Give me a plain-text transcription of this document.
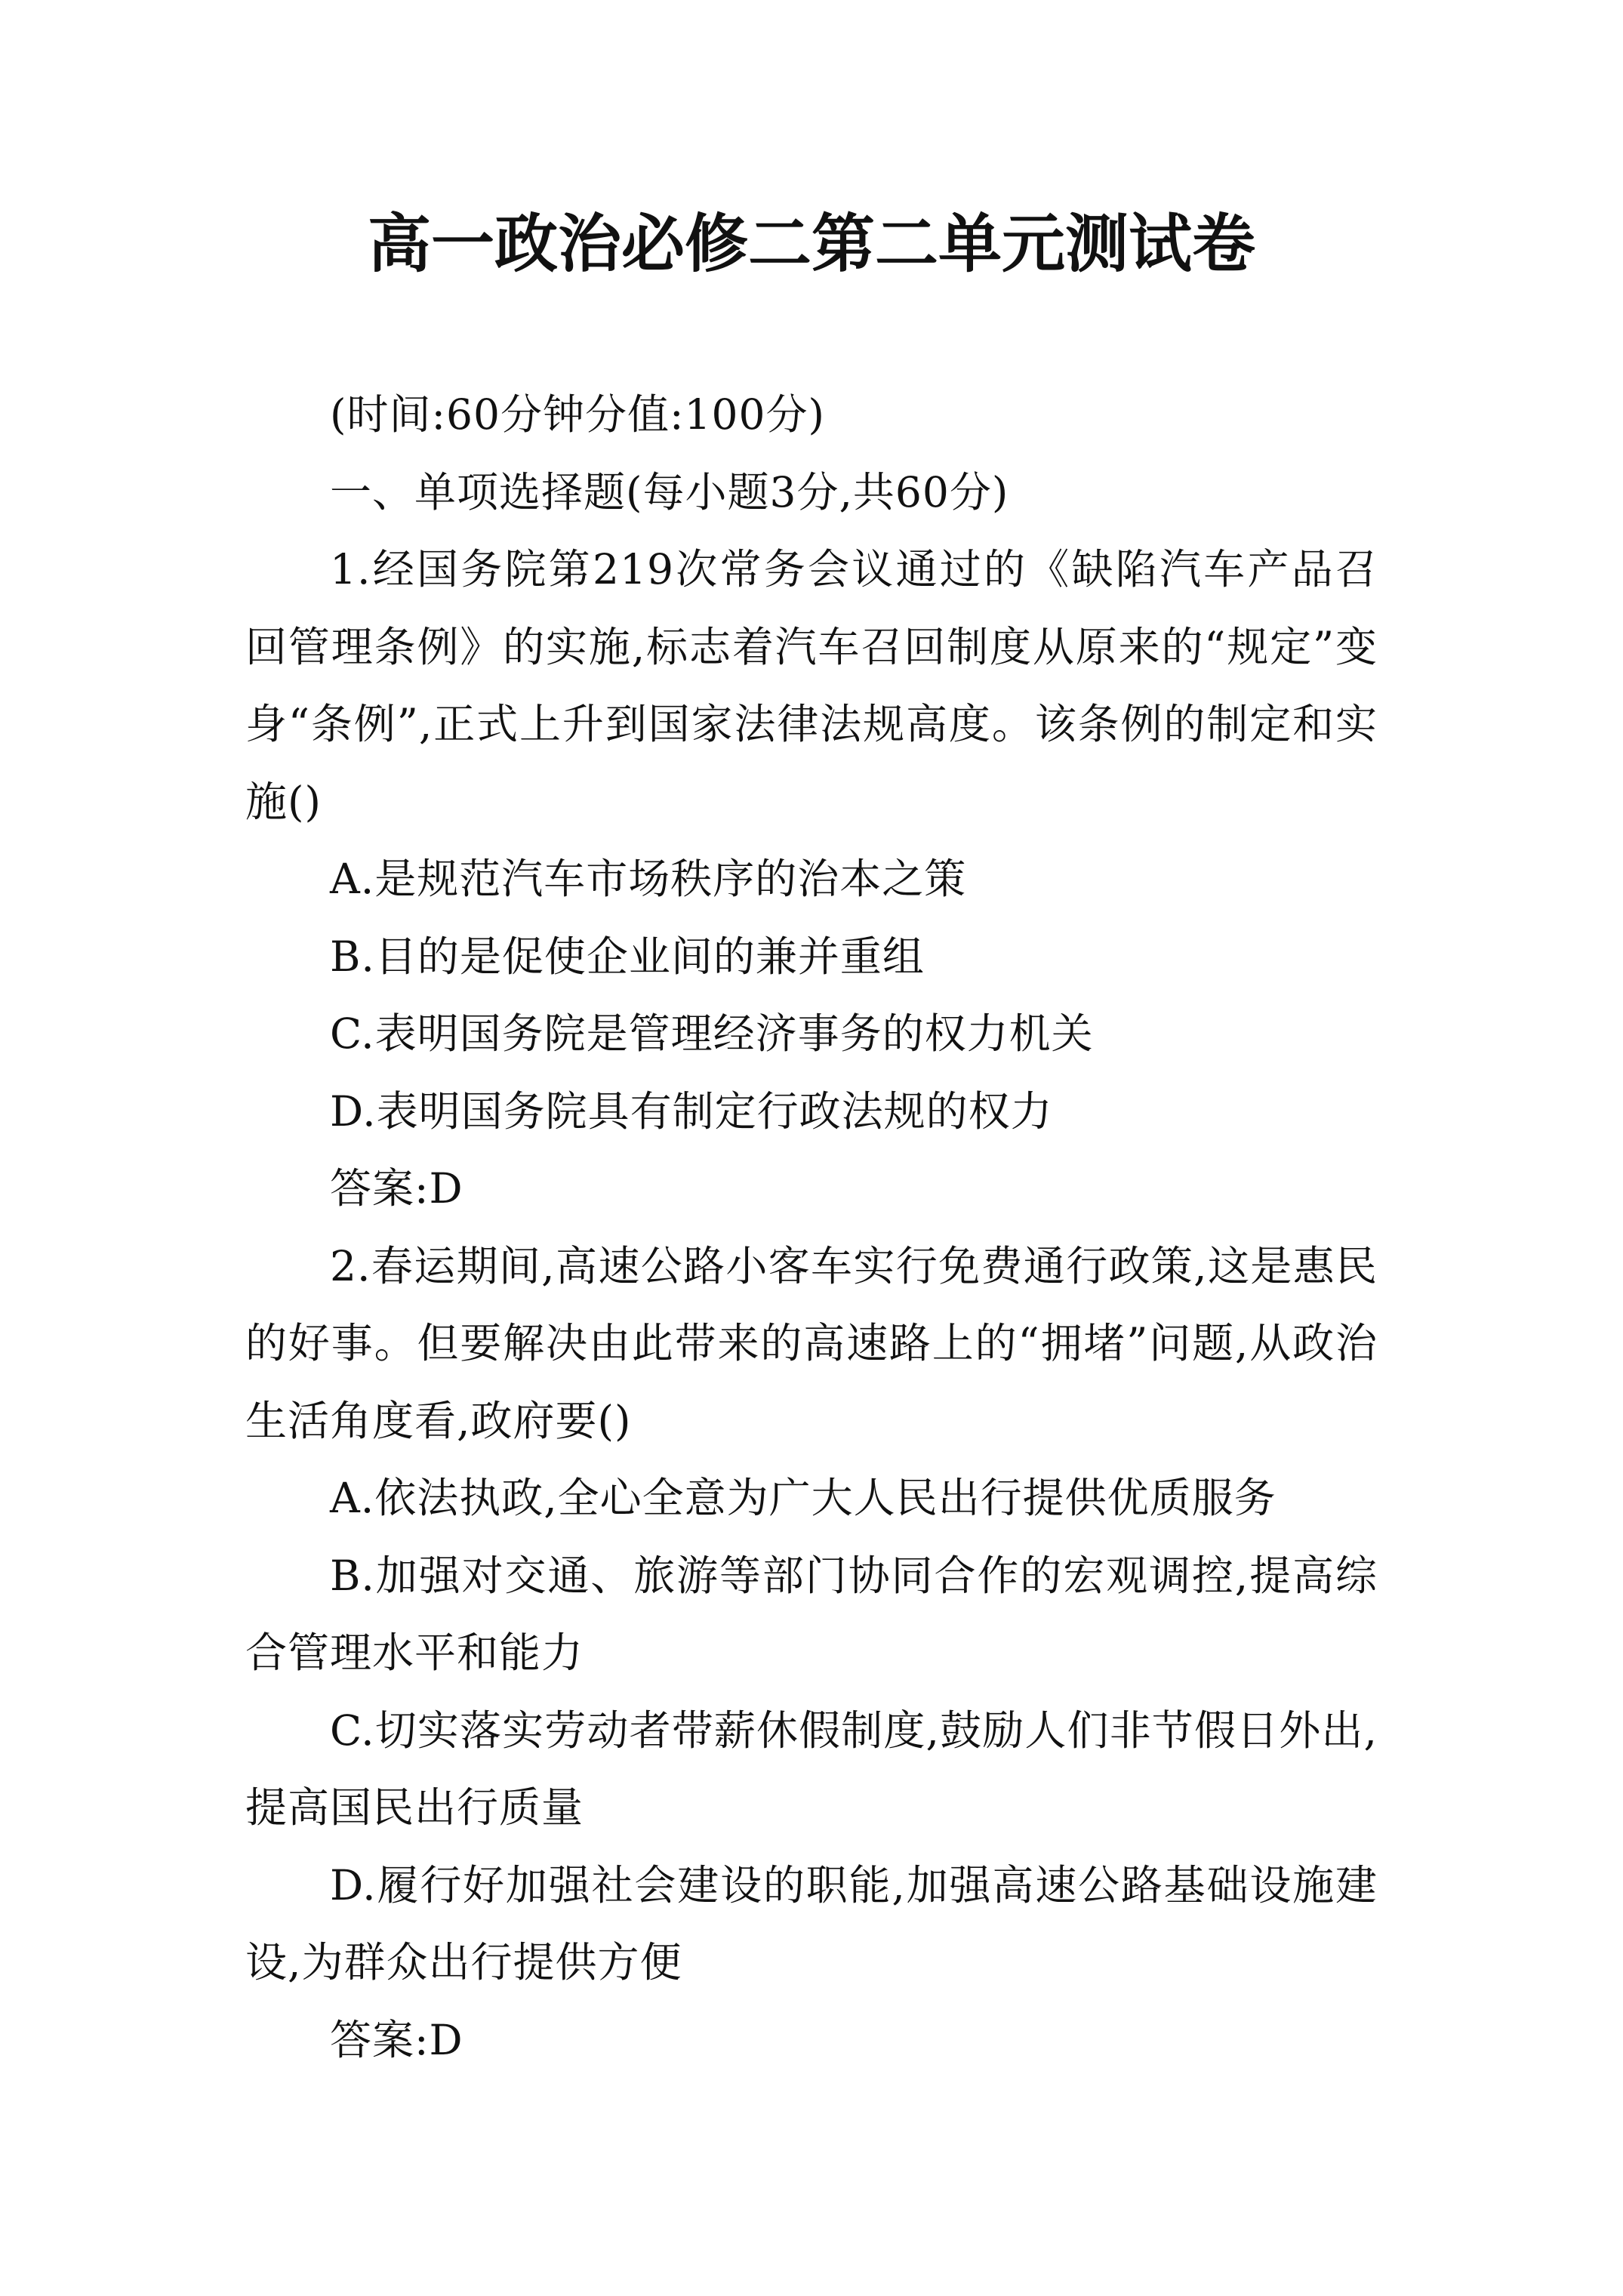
高一政治必修二第二单元测试卷

(时间:60分钟分值:100分)

一、单项选择题(每小题3分,共60分)

1.经国务院第219次常务会议通过的《缺陷汽车产品召回管理条例》的实施,标志着汽车召回制度从原来的“规定”变身“条例”,正式上升到国家法律法规高度。该条例的制定和实施()

A.是规范汽车市场秩序的治本之策

B.目的是促使企业间的兼并重组

C.表明国务院是管理经济事务的权力机关

D.表明国务院具有制定行政法规的权力

答案:D

2.春运期间,高速公路小客车实行免费通行政策,这是惠民的好事。但要解决由此带来的高速路上的“拥堵”问题,从政治生活角度看,政府要()

A.依法执政,全心全意为广大人民出行提供优质服务

B.加强对交通、旅游等部门协同合作的宏观调控,提高综合管理水平和能力

C.切实落实劳动者带薪休假制度,鼓励人们非节假日外出,提高国民出行质量

D.履行好加强社会建设的职能,加强高速公路基础设施建设,为群众出行提供方便

答案:D
